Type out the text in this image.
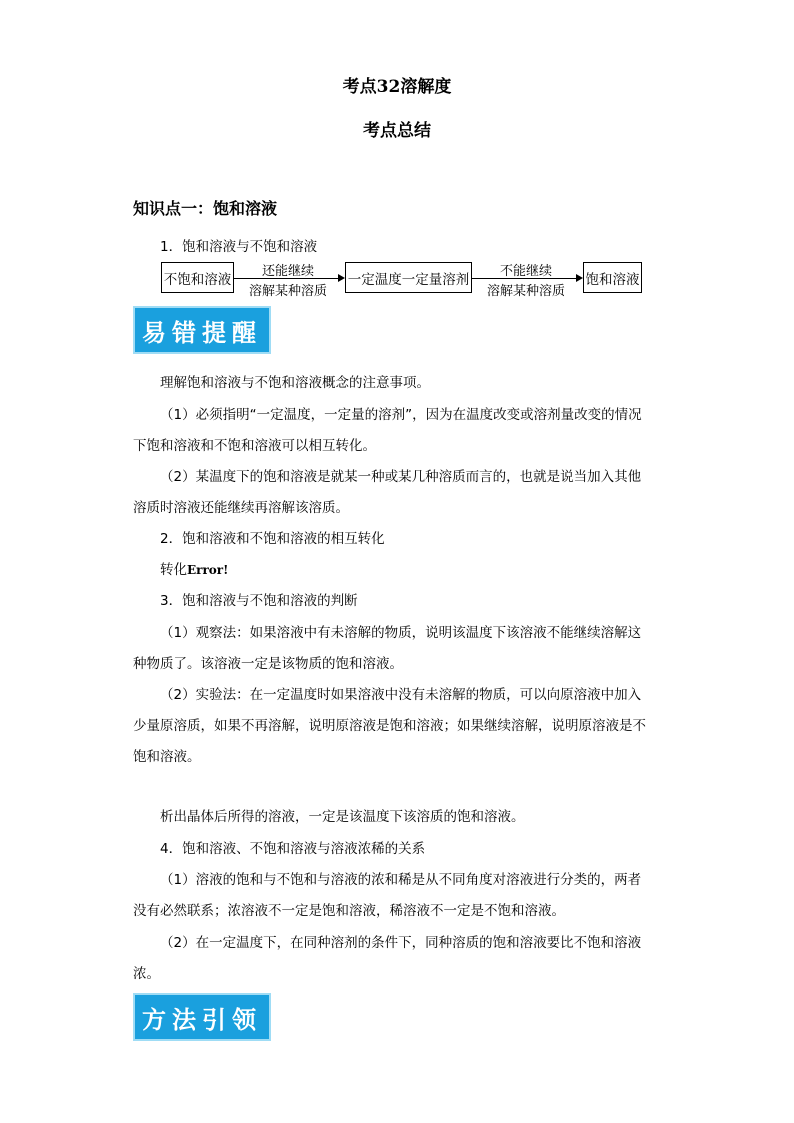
考点32溶解度
考点总结
知识点一：饱和溶液
1．饱和溶液与不饱和溶液
不饱和溶液	还能继续
溶解某种溶质
一定温度一定量溶剂	不能继续
溶解某种溶质
饱和溶液
易错提醒
理解饱和溶液与不饱和溶液概念的注意事项。
（1）必须指明“一定温度，一定量的溶剂”，因为在温度改变或溶剂量改变的情况
下饱和溶液和不饱和溶液可以相互转化。
（2）某温度下的饱和溶液是就某一种或某几种溶质而言的，也就是说当加入其他
溶质时溶液还能继续再溶解该溶质。
2．饱和溶液和不饱和溶液的相互转化
转化Error!
3．饱和溶液与不饱和溶液的判断
（1）观察法：如果溶液中有未溶解的物质，说明该温度下该溶液不能继续溶解这
种物质了。该溶液一定是该物质的饱和溶液。
（2）实验法：在一定温度时如果溶液中没有未溶解的物质，可以向原溶液中加入
少量原溶质，如果不再溶解，说明原溶液是饱和溶液；如果继续溶解，说明原溶液是不
饱和溶液。
析出晶体后所得的溶液，一定是该温度下该溶质的饱和溶液。
4．饱和溶液、不饱和溶液与溶液浓稀的关系
（1）溶液的饱和与不饱和与溶液的浓和稀是从不同角度对溶液进行分类的，两者
没有必然联系；浓溶液不一定是饱和溶液，稀溶液不一定是不饱和溶液。
（2）在一定温度下，在同种溶剂的条件下，同种溶质的饱和溶液要比不饱和溶液
浓。
方法引领
